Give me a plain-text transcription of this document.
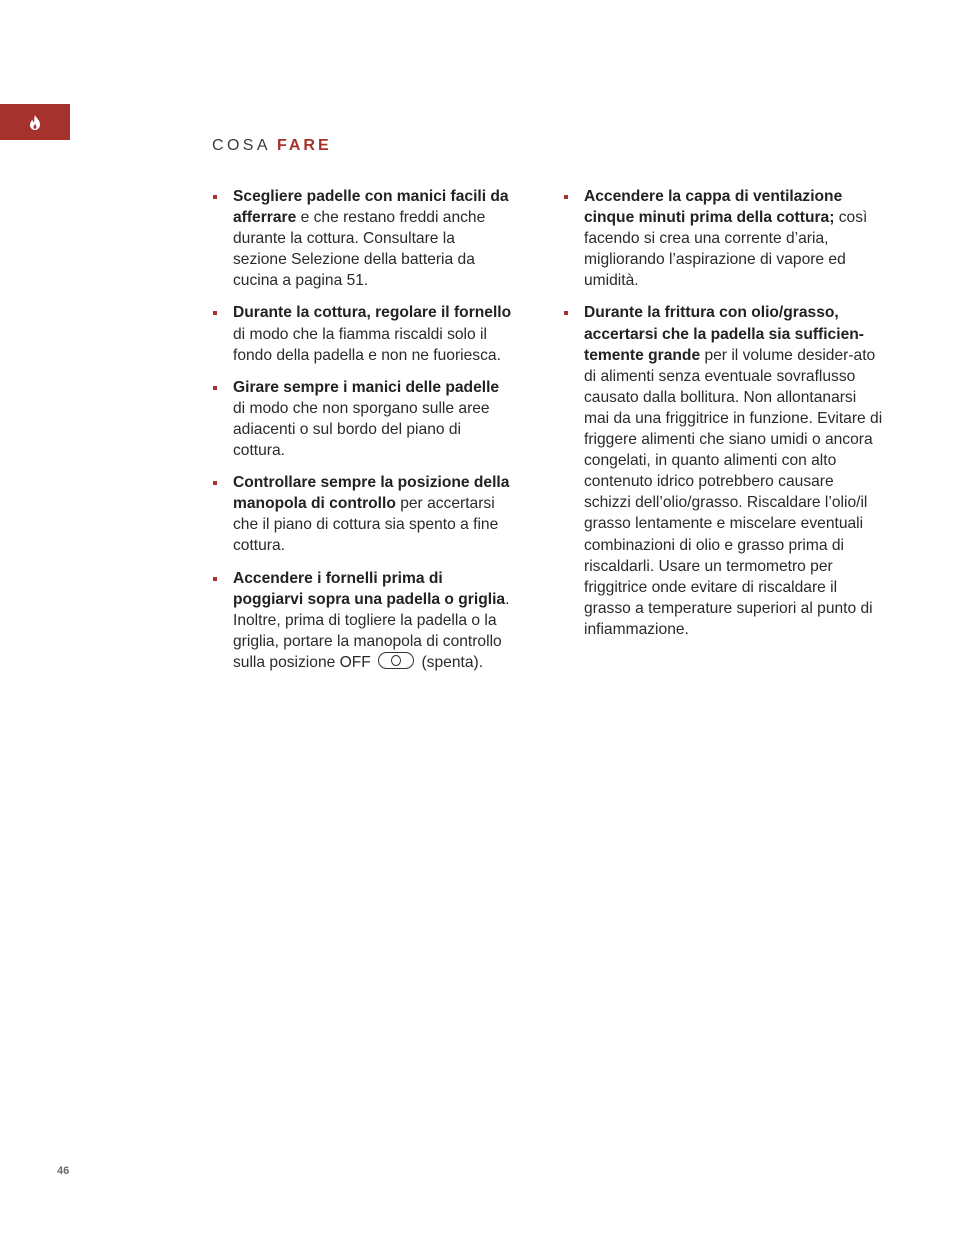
COSA FARE
Scegliere padelle con manici facili da afferrare e che restano freddi anche durante la cottura. Consultare la sezione Selezione della batteria da cucina a pagina 51.
Durante la cottura, regolare il fornello di modo che la fiamma riscaldi solo il fondo della padella e non ne fuoriesca.
Girare sempre i manici delle padelle di modo che non sporgano sulle aree adiacenti o sul bordo del piano di cottura.
Controllare sempre la posizione della manopola di controllo per accertarsi che il piano di cottura sia spento a fine cottura.
Accendere i fornelli prima di poggiarvi sopra una padella o griglia. Inoltre, prima di togliere la padella o la griglia, portare la manopola di controllo sulla posizione OFF	(spenta).
Accendere la cappa di ventilazione cinque minuti prima della cottura; così facendo si crea una corrente d’aria, migliorando l’aspirazione di vapore ed umidità.
Durante la frittura con olio/grasso, accertarsi che la padella sia sufficien-temente grande per il volume desider-ato di alimenti senza eventuale sovraflusso causato dalla bollitura. Non allontanarsi mai da una friggitrice in funzione. Evitare di friggere alimenti che siano umidi o ancora congelati, in quanto alimenti con alto contenuto idrico potrebbero causare schizzi dell’olio/grasso. Riscaldare l’olio/il grasso lentamente e miscelare eventuali combinazioni di olio e grasso prima di riscaldarli. Usare un termometro per friggitrice onde evitare di riscaldare il grasso a temperature superiori al punto di infiammazione.
46
